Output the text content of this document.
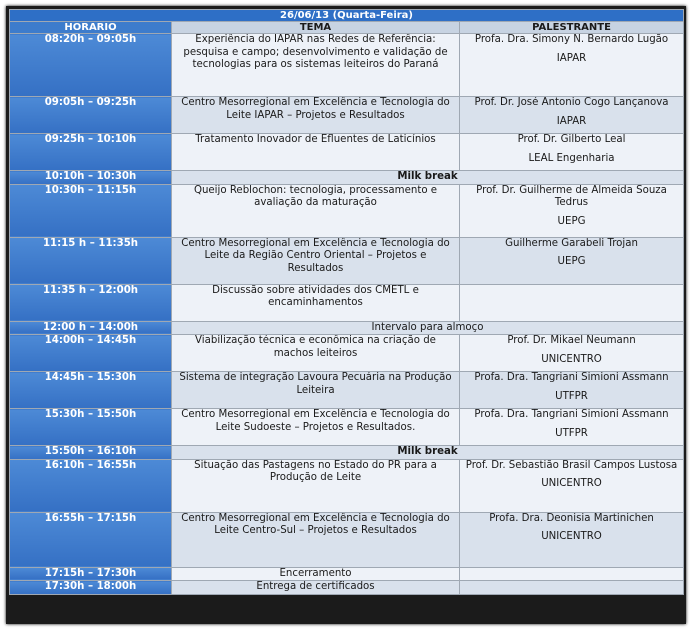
26/06/13 (Quarta-Feira)		
HORARIO	TEMA	PALESTRANTE
08:20h – 09:05h	Experiência do IAPAR nas Redes de Referência: pesquisa e campo; desenvolvimento e validação de tecnologias para os sistemas leiteiros do Paraná	Profa. Dra. Simony N. Bernardo Lugão
IAPAR

09:05h – 09:25h	Centro Mesorregional em Excelência e Tecnologia do Leite IAPAR – Projetos e Resultados	Prof. Dr. José Antonio Cogo Lançanova
IAPAR

09:25h – 10:10h	Tratamento Inovador de Efluentes de Laticínios	Prof. Dr. Gilberto Leal
LEAL Engenharia

10:10h – 10:30h	Milk break	
10:30h – 11:15h	Queijo Reblochon: tecnologia, processamento e avaliação da maturação	Prof. Dr. Guilherme de Almeida Souza Tedrus
UEPG

11:15 h – 11:35h	Centro Mesorregional em Excelência e Tecnologia do Leite da Região Centro Oriental – Projetos e Resultados	Guilherme Garabeli Trojan
UEPG

11:35 h – 12:00h	Discussão sobre atividades dos CMETL e encaminhamentos	
12:00 h – 14:00h	Intervalo para almoço	
14:00h – 14:45h	Viabilização técnica e econômica na criação de machos leiteiros	Prof. Dr. Mikael Neumann
UNICENTRO

14:45h – 15:30h	Sistema de integração Lavoura Pecuária na Produção Leiteira	Profa. Dra. Tangriani Simioni Assmann
UTFPR

15:30h – 15:50h	Centro Mesorregional em Excelência e Tecnologia do Leite Sudoeste – Projetos e Resultados.	Profa. Dra. Tangriani Simioni Assmann
UTFPR

15:50h – 16:10h	Milk break	
16:10h – 16:55h	Situação das Pastagens no Estado do PR para a Produção de Leite	Prof. Dr. Sebastião Brasil Campos Lustosa
UNICENTRO

16:55h – 17:15h	Centro Mesorregional em Excelência e Tecnologia do Leite Centro-Sul – Projetos e Resultados	Profa. Dra. Deonisia Martinichen
UNICENTRO

17:15h – 17:30h	Encerramento	
17:30h – 18:00h	Entrega de certificados	
